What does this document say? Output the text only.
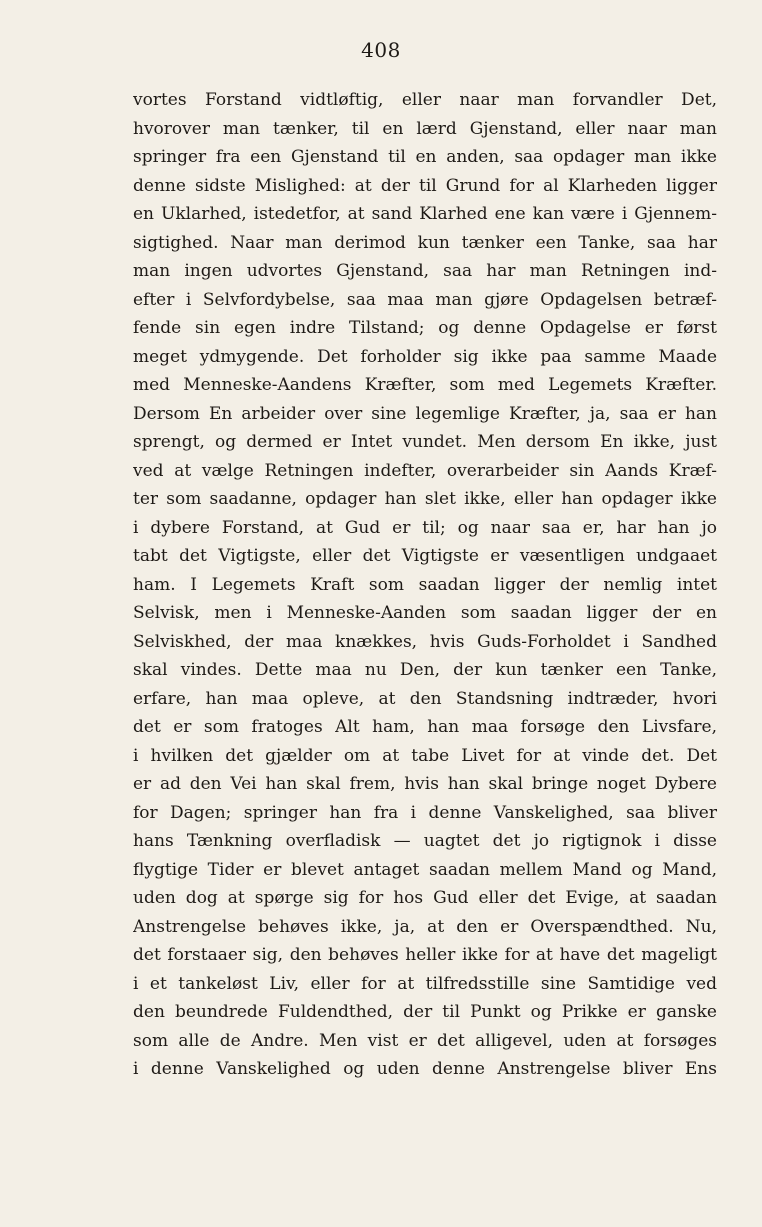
408
vortes Forstand vidtløftig, eller naar man forvandler Det,
hvorover man tænker, til en lærd Gjenstand, eller naar man
springer fra een Gjenstand til en anden, saa opdager man ikke
denne sidste Mislighed: at der til Grund for al Klarheden ligger
en Uklarhed, istedetfor, at sand Klarhed ene kan være i Gjennem-
sigtighed. Naar man derimod kun tænker een Tanke, saa har
man ingen udvortes Gjenstand, saa har man Retningen ind-
efter i Selvfordybelse, saa maa man gjøre Opdagelsen betræf-
fende sin egen indre Tilstand; og denne Opdagelse er først
meget ydmygende. Det forholder sig ikke paa samme Maade
med Menneske-Aandens Kræfter, som med Legemets Kræfter.
Dersom En arbeider over sine legemlige Kræfter, ja, saa er han
sprengt, og dermed er Intet vundet. Men dersom En ikke, just
ved at vælge Retningen indefter, overarbeider sin Aands Kræf-
ter som saadanne, opdager han slet ikke, eller han opdager ikke
i dybere Forstand, at Gud er til; og naar saa er, har han jo
tabt det Vigtigste, eller det Vigtigste er væsentligen undgaaet
ham. I Legemets Kraft som saadan ligger der nemlig intet
Selvisk, men i Menneske-Aanden som saadan ligger der en
Selviskhed, der maa knækkes, hvis Guds-Forholdet i Sandhed
skal vindes. Dette maa nu Den, der kun tænker een Tanke,
erfare, han maa opleve, at den Standsning indtræder, hvori
det er som fratoges Alt ham, han maa forsøge den Livsfare,
i hvilken det gjælder om at tabe Livet for at vinde det. Det
er ad den Vei han skal frem, hvis han skal bringe noget Dybere
for Dagen; springer han fra i denne Vanskelighed, saa bliver
hans Tænkning overfladisk — uagtet det jo rigtignok i disse
flygtige Tider er blevet antaget saadan mellem Mand og Mand,
uden dog at spørge sig for hos Gud eller det Evige, at saadan
Anstrengelse behøves ikke, ja, at den er Overspændthed. Nu,
det forstaaer sig, den behøves heller ikke for at have det mageligt
i et tankeløst Liv, eller for at tilfredsstille sine Samtidige ved
den beundrede Fuldendthed, der til Punkt og Prikke er ganske
som alle de Andre. Men vist er det alligevel, uden at forsøges
i denne Vanskelighed og uden denne Anstrengelse bliver Ens
